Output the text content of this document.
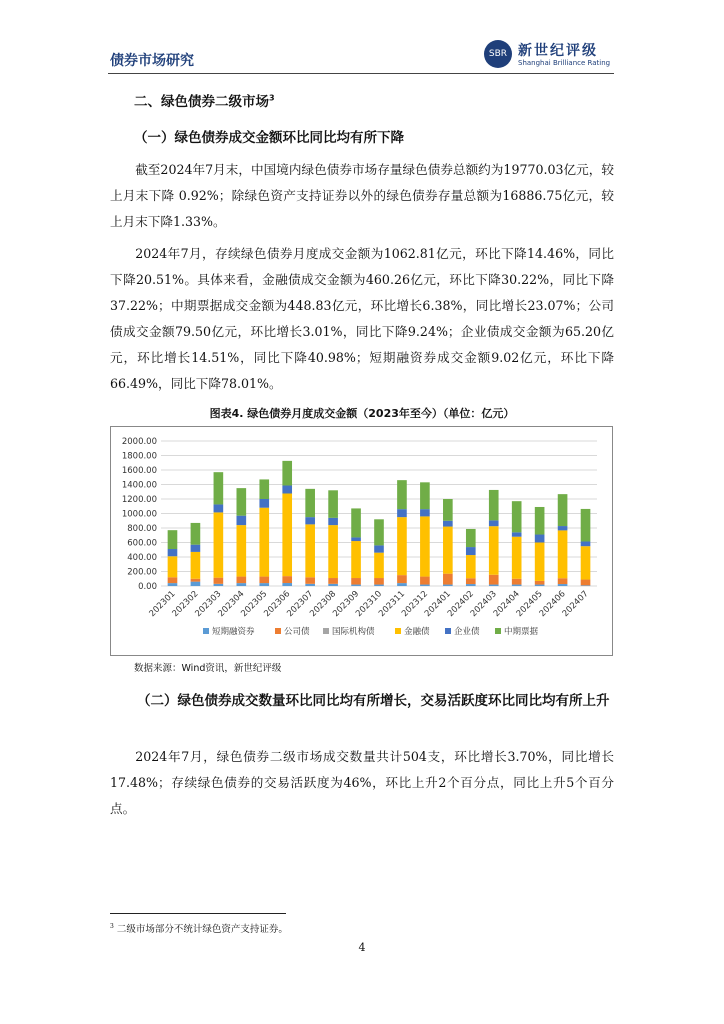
债券市场研究	SBR 新世纪评级
Shanghai Brilliance Rating
二、绿色债券二级市场$^3$
（一）绿色债券成交金额环比同比均有所下降

截至2024年7月末，中国境内绿色债券市场存量绿色债券总额约为19770.03亿元，较上月末下降 0.92%；除绿色资产支持证券以外的绿色债券存量总额为16886.75亿元，较上月末下降1.33%。

2024年7月，存续绿色债券月度成交金额为1062.81亿元，环比下降14.46%，同比下降20.51%。具体来看，金融债成交金额为460.26亿元，环比下降30.22%，同比下降37.22%；中期票据成交金额为448.83亿元，环比增长6.38%，同比增长23.07%；公司债成交金额79.50亿元，环比增长3.01%，同比下降9.24%；企业债成交金额为65.20亿元，环比增长14.51%，同比下降40.98%；短期融资券成交金额9.02亿元，环比下降66.49%，同比下降78.01%。

图表4. 绿色债券月度成交金额（2023年至今）（单位：亿元）
0.00
200.00
400.00
600.00
800.00
1000.00
1200.00
1400.00
1600.00
1800.00
2000.00
202301
202302
202303
202304
202305
202306
202307
202308
202309
202310
202311
202312
202401
202402
202403
202404
202405
202406
202407
短期融资券	公司债	国际机构债	金融债	企业债	中期票据
数据来源：Wind资讯，新世纪评级

（二）绿色债券成交数量环比同比均有所增长，交易活跃度环比同比均有所上升

2024年7月，绿色债券二级市场成交数量共计504支，环比增长3.70%，同比增长17.48%；存续绿色债券的交易活跃度为46%，环比上升2个百分点，同比上升5个百分点。

$^3$ 二级市场部分不统计绿色资产支持证券。
4
